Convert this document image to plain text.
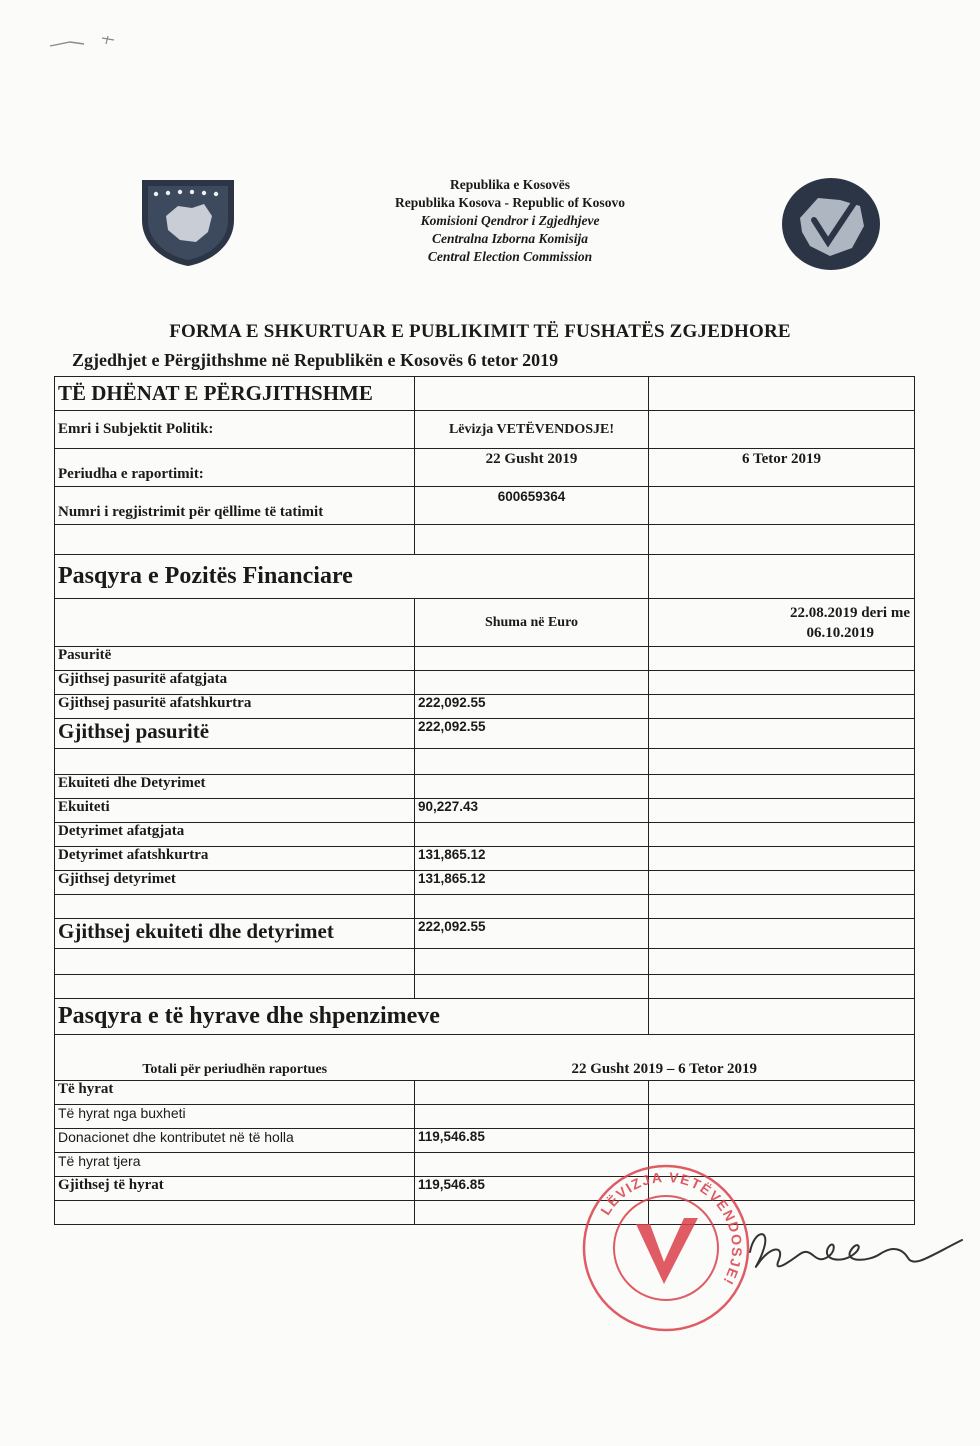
Republika e Kosovës
Republika Kosova - Republic of Kosovo
Komisioni Qendror i Zgjedhjeve
Centralna Izborna Komisija
Central Election Commission
FORMA E SHKURTUAR E PUBLIKIMIT TË FUSHATËS ZGJEDHORE
Zgjedhjet e Përgjithshme në Republikën e Kosovës 6 tetor 2019
TË DHËNAT E PËRGJITHSHME		
Emri i Subjektit Politik:	Lëvizja VETËVENDOSJE!	
Periudha e raportimit:	22 Gusht 2019	6 Tetor 2019
Numri i regjistrimit për qëllime të tatimit	600659364	

Pasqyra e Pozitës Financiare		
	Shuma në Euro	22.08.2019 deri me
06.10.2019
Pasuritë		
Gjithsej pasuritë afatgjata		
Gjithsej pasuritë afatshkurtra	222,092.55	
Gjithsej pasuritë	222,092.55	

Ekuiteti dhe Detyrimet		
Ekuiteti	90,227.43	
Detyrimet afatgjata		
Detyrimet afatshkurtra	131,865.12	
Gjithsej detyrimet	131,865.12	

Gjithsej ekuiteti dhe detyrimet	222,092.55	

Pasqyra e të hyrave dhe shpenzimeve		
Totali për periudhën raportues	22 Gusht 2019 – 6 Tetor 2019	
Të hyrat		
Të hyrat nga buxheti		
Donacionet dhe kontributet në të holla	119,546.85	
Të hyrat tjera		
Gjithsej të hyrat	119,546.85	

LËVIZJA VETËVENDOSJE!
